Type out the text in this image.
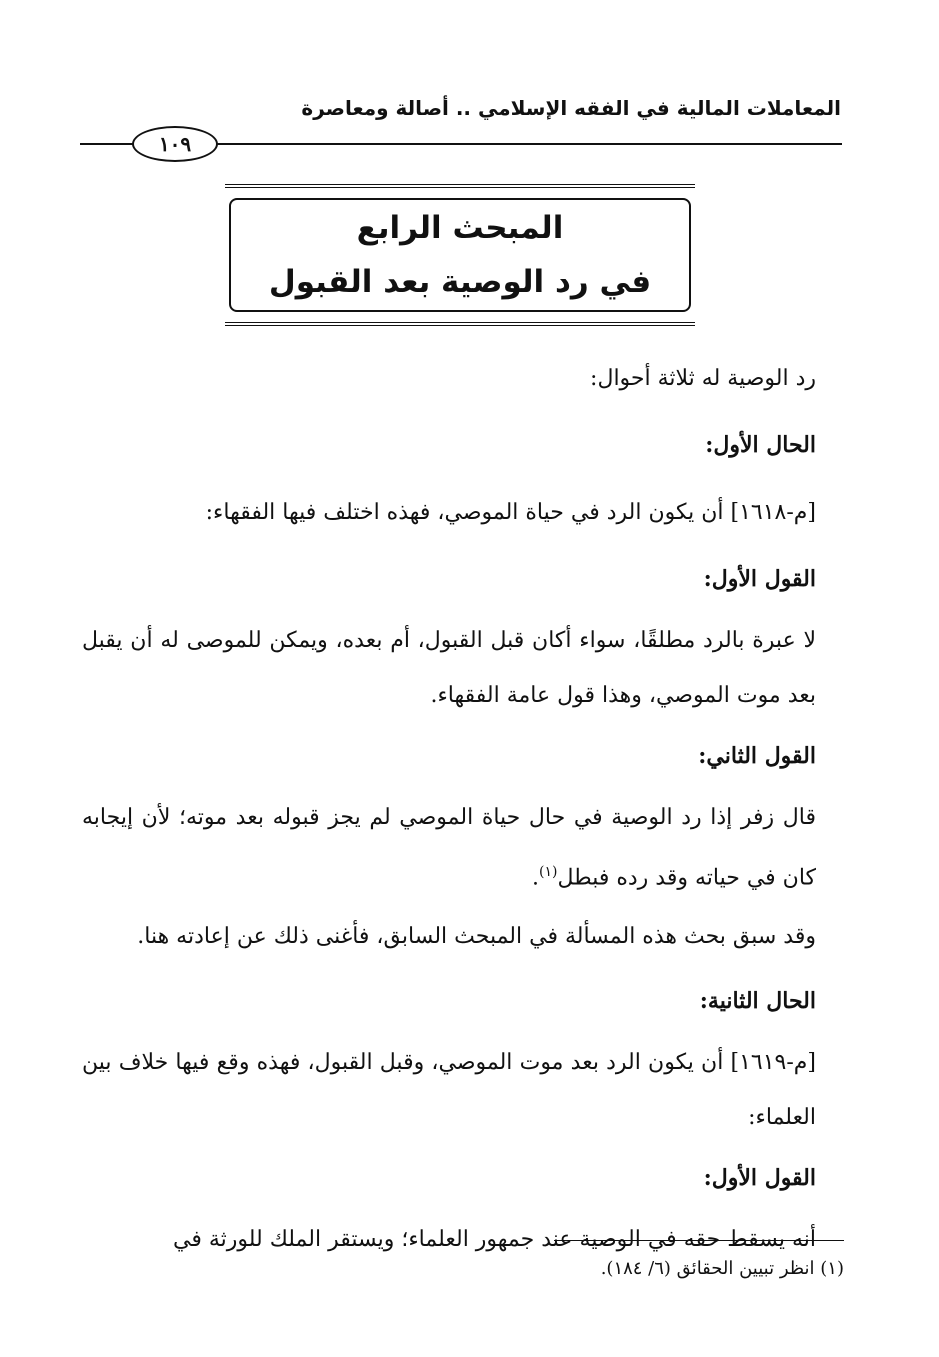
المعاملات المالية في الفقه الإسلامي .. أصالة ومعاصرة
١٠٩
المبحث الرابع
في رد الوصية بعد القبول
رد الوصية له ثلاثة أحوال:
الحال الأول:
[م-١٦١٨] أن يكون الرد في حياة الموصي، فهذه اختلف فيها الفقهاء:
القول الأول:
لا عبرة بالرد مطلقًا، سواء أكان قبل القبول، أم بعده، ويمكن للموصى له أن يقبل بعد موت الموصي، وهذا قول عامة الفقهاء.
القول الثاني:
قال زفر إذا رد الوصية في حال حياة الموصي لم يجز قبوله بعد موته؛ لأن إيجابه كان في حياته وقد رده فبطل$^{(١)}$.
وقد سبق بحث هذه المسألة في المبحث السابق، فأغنى ذلك عن إعادته هنا.
الحال الثانية:
[م-١٦١٩] أن يكون الرد بعد موت الموصي، وقبل القبول، فهذه وقع فيها خلاف بين العلماء:
القول الأول:
أنه يسقط حقه في الوصية عند جمهور العلماء؛ ويستقر الملك للورثة في
(١) انظر تبيين الحقائق (٦/ ١٨٤).
